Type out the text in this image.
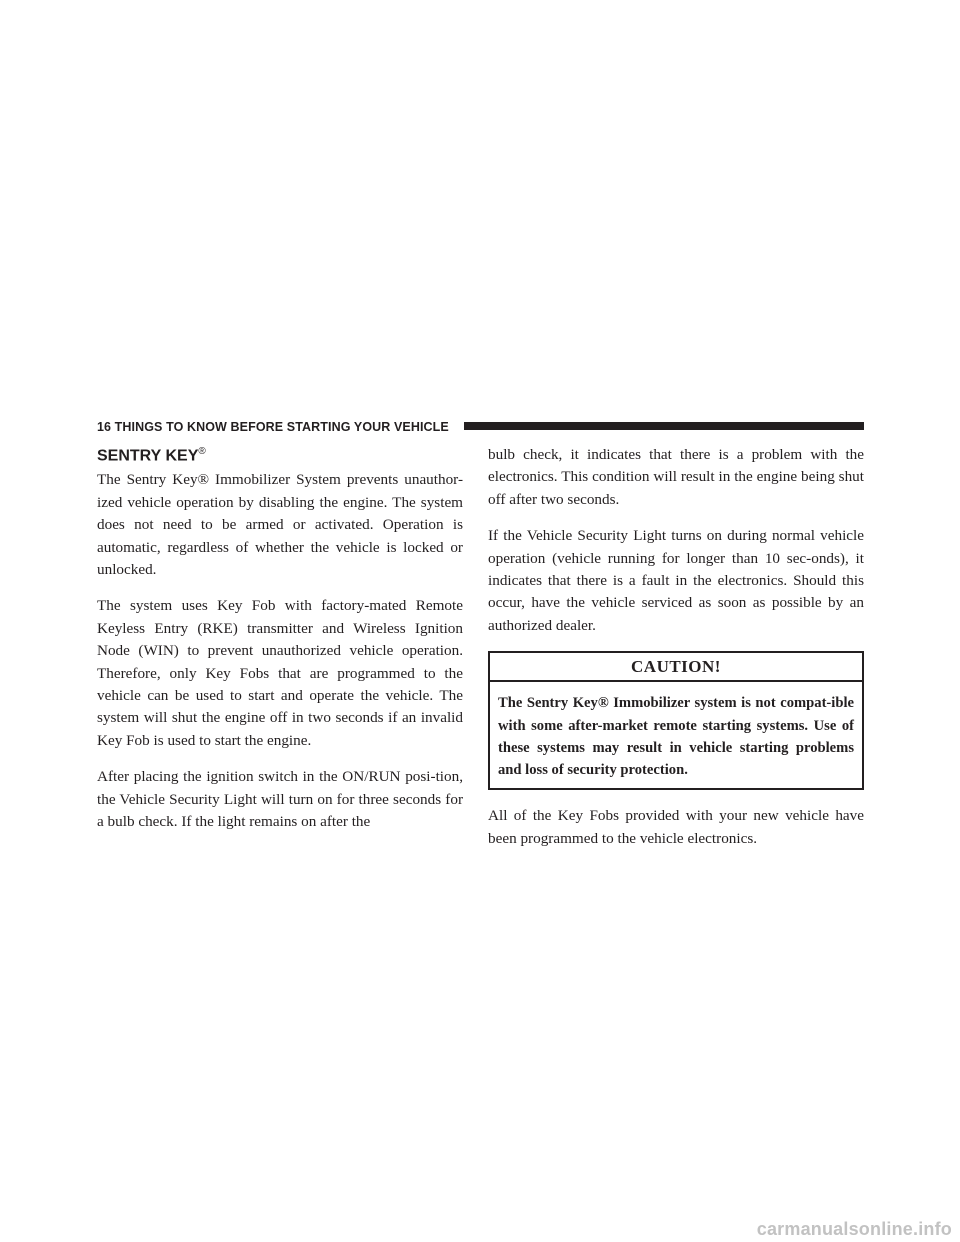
16 THINGS TO KNOW BEFORE STARTING YOUR VEHICLE
SENTRY KEY®

The Sentry Key® Immobilizer System prevents unauthor-ized vehicle operation by disabling the engine. The system does not need to be armed or activated. Operation is automatic, regardless of whether the vehicle is locked or unlocked.

The system uses Key Fob with factory-mated Remote Keyless Entry (RKE) transmitter and Wireless Ignition Node (WIN) to prevent unauthorized vehicle operation. Therefore, only Key Fobs that are programmed to the vehicle can be used to start and operate the vehicle. The system will shut the engine off in two seconds if an invalid Key Fob is used to start the engine.

After placing the ignition switch in the ON/RUN posi-tion, the Vehicle Security Light will turn on for three seconds for a bulb check. If the light remains on after the

bulb check, it indicates that there is a problem with the electronics. This condition will result in the engine being shut off after two seconds.

If the Vehicle Security Light turns on during normal vehicle operation (vehicle running for longer than 10 sec-onds), it indicates that there is a fault in the electronics. Should this occur, have the vehicle serviced as soon as possible by an authorized dealer.

CAUTION!
The Sentry Key® Immobilizer system is not compat-ible with some after-market remote starting systems. Use of these systems may result in vehicle starting problems and loss of security protection.

All of the Key Fobs provided with your new vehicle have been programmed to the vehicle electronics.

carmanualsonline.info
